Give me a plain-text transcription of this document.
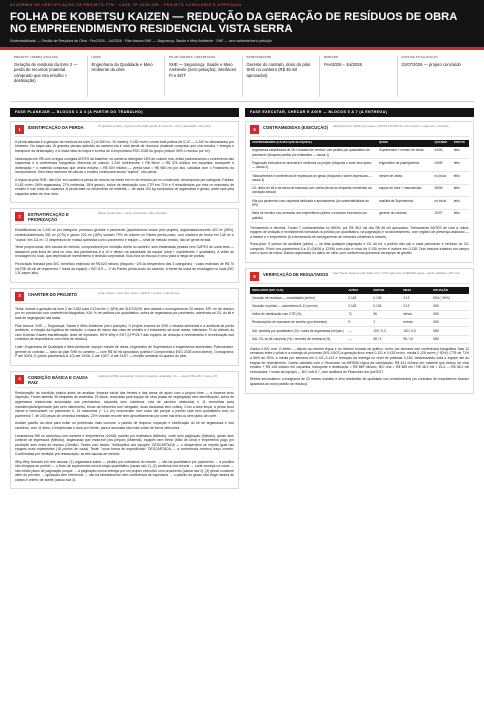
ACADEMIA DE CERTIFICAÇÃO DE PROJETO FTM · CASE TP-2025-058 · PROJETO CONCLUÍDO E APROVADO
FOLHA DE KOBETSU KAIZEN — REDUÇÃO DA GERAÇÃO DE RESÍDUOS DE OBRA NO EMPREENDIMENTO RESIDENCIAL VISTA SERRA
Sustentabilidade — Gestão de Resíduos de Obra · Fev/2026 – Jul/2026 · Pilar âncora SHE — Segurança, Saúde e Meio Ambiente · SHE — zero acidente/zero poluição
PROJETO / PERDA ATACADA
Geração de resíduos da torre 2 — perda de recursos (material comprado que vira entulho + destinação)
LÍDER
Engenharia da Qualidade e Meio Ambiente da obra
PILAR ÂNCORA / INTERFACES
SHE — Segurança, Saúde e Meio Ambiente (zero poluição); interfaces FI e EDT
PATROCINADOR
Gerente do contrato, dono do pilar SHE no canteiro (R$ 46 mil aprovados)
PERÍODO
Fev/2026 – Jul/2026
DATA DE ATUALIZAÇÃO
31/07/2026 — projeto concluído
FASE PLANEJAR — BLOCOS 1 A 4 (A PARTIR DO TRABALHO)
1	IDENTIFICAÇÃO DA PERDA	16 grandes perdas + lógica do pilar SHE (perda de recursos: m³/m², destinação, mão-obra)

A perda atacada é a geração de resíduos da torre 2 (14.500 m², 20 meses): 0,182 m³/m² contra toda prática de 0,12 — 1.240 m³ descartados por trimestre. No mapa das 16 grandes perdas aplicado ao canteiro ela é uma perda de recursos (material comprado que vira resíduo + energia e transporte da destinação), e a maior fatia do mapa e à meta do Compromisso ESG 2028 do grupo (reduzir 30% o resíduo por m²).

Valorização em R$ com a régua corrigida ANTES da baseline: os números divergiam 18% do volume real, então padronizamos o enchimento das caçambas e a conferência fotográfica. Memória de cálculo: 1.240 m³/trimestre × R$ 96/m³ ≈ R$ 476 mil/ano em caçamba, transporte e destinação + o material comprado que virava entulho ≈ R$ 500 mil/ano — perda total ≈ R$ 980 mil por ano, validada com o Financeiro da incorporadora. Sem essa memória de cálculo o entulho continuaria sendo "sujeira", não perda.

A régua do pilar SHE, não KAI: em canteiro a perda de recurso se mede em m³ de resíduo por m² construído, decomposto por categoria. Partida: 0,182 m³/m² (36% argamassa, 27% cerâmica, 18% gesso), índice de destinação com CTR em 71% e 9 reincidências por mês no manuseio de entulho e nas rotas de caçamba. A perda bate no rendimento de material — de cada 100 kg comprados de argamassa e gesso, parte saía pela caçamba antes de virar obra.

2	ESTRATIFICAÇÃO E PRIORIZAÇÃO
Pareto perda-custo + rama; priorização + BO; estimado

Estratificamos os 1.240 m³ por categoria, processo gerador e pavimento (apontamento criado pelo projeto): argamassa/concreto 422 m³ (36%), cerâmica/alvenaria 335 m³ (27%) e gesso 223 m³ (18%) somam 79% do volume no Pareto perda-custo, com madeira de forma em 148 m³ e "outros" em 111 m³. O desperdício de massa quebrava com o pavimento e equipe — sinal de método errado, não de gente errada.

Teme proporcional: três causas de método, comprováveis por medição direta no canteiro, sem estatísticas pesada nem CAPEX de outra área — atacamos pela linha de obra no ciclo dos pavimentos 8 a 10 e dentro da autoridade da equipe (obra + suprimentos + qualidade). A união de reciclagem no local, que dependia de investimento e decisão corporativa, ficou fora do escopo e virou pista a mega de pontas.

Priorização fechada pelo B/C: benefício estimado de R$ 620 mil/ano (bloqueio ~2/3 do desperdício das 3 categorias) ÷ custo estimado de R$ 70 mil (R$ 46 mil de orçamento + horas da equipe) = B/C 8,9 — 1º do Pareto perda-custo do canteiro, à frente da usina de reciclagem no local (B/C 1,8; capex alto).

3	CHARTER DO PROJETO	tema, escopo, meta, líder, prazo + KPI/IAI + equipe + pilar âncora

Tema: reduzir a geração da torre 2 de 0,182 para 0,13 m³/m² (−28%) até 31/07/2026, sem atrasar o cronograma de 20 meses. KPI: m³ de resíduo por m² construído com conferência fotográfica. KAI: % de pedidos por quantitativo, sobra de argamassa por pavimento, aderência ao CIL do kit e taxa de segregação nas baias.

Pilar âncora: SHE — Segurança, Saúde e Meio Ambiente (zero poluição). O projeto encerra do SHE o rebaixa ambiental e a auditoria de perda ambiente, a rotação da logística de medição, o mapa de riscos das rotas de entulho e o tratamento de duas metas; interfaces: FI do método do ciclo Kobetsu Kaizen estratificação, teste de hipóteses, WHY-Why e EDT (LPP/OLT das equipes de vedação e revestimento e terceirização dos contratos de empreiteiros com meta de resíduo).

Líder: Engenharia de Qualidade e Meio Ambiente; equipe: mestre de obras, engenheiro de Suprimentos e engenheiros ambientais. Patrocinador: gerente do contrato — dono do pilar SHE no canteiro — com R$ 46 mil aprovados (coleta e Compromisso ESG 2028 como diretor). Cronograma: P até 30/04, D (piloto pavimentos 8–10) até 12/06, C até 10/07, A até 31/07 — revisão semanal no quadro do pilar.

4	CONDIÇÃO BÁSICA E CAUSA RAIZ
restaurar ANTES de analisar: limpeza, inspeção, aligeirada, CIL — depois Why-Why / teste e 5F

Restauração da condição básica antes de analisar: limpeza inicial das frentes e das áreas de apoio com o próprio time — a limpeza virou inspeção. Foram abertas 36 etiquetas de anomalia: 23 azuis, resolvidas pela equipe de obra (baias de segregação sem identificação, sobra de argamassa endurecida acumulada nos pavimentos, caçamba sem cobertura, rota de carrinho obstruída) e 11 vermelhas para manutenção/engenharia (silo sem manômetro, broca da betoneira com desgaste, duas bancadas sem coifas). Com a área limpa, a perda ficou visível e mensurável: no pavimento 6, 14 masseiras (~ 1,1 m³) endureciam num único dia porque o pedido saía sem quantitativo real; no pavimento 7, de 240 peças de cerâmica medidas, 22% viravam recorte sem aproveitamento por corte mal feito ou sem plano de corte.

Análise padrão da obra para evitar os problemas mais comuns: o padrão de limpeza, inspeção e lubrificação do kit de argamassa e dos carrinhos, com 11 itens, 4 frequências e dono por frente, para a anomalia não mais voltar de forma silenciosa.

Levantamos MB no workshop com mestres e empreiteiros (10/06): padrão por estimativa (Método), corte sem paginação (Método), gesso sem controle de espessura (Método), argamassa que endurece pós-preparo (Material), equipes sem treino (Mão de obra) e empreiteiro pago por produção sem meta de resíduo (Gestão). Testes com dados: "indisciplina dos equipes" DESCARTADA — o desperdício se repetia igual nas equipes mais experientes (18 pontos de cada). Teste: "nova forma de especificado" DESCARTADA — a conferência mostrou traço correto. Confirmadas por medição pré-restauração: as três causas de método.

Why-Why fechado em três causas: (1) argamassa sobra — pedido por estimativa do mestre → não há quantitativo por pavimento → a planilha não chegava ao pedido — o fluxo de suprimentos nunca exigiu quantitativo (causa raiz 1); (2) cerâmica vira recorte → corte começa no canto → não existe plano de paginação porque → a paginação nunca entrega por um projeto executivo com orçamento (causa raiz 2); (3) gesso consome além do previsto → aplicação sem referência → não há taloneamento nem conferência de espessura → o padrão do gesso não exige mestra de cantos e critério de aceite (causa raiz 3).

FASE EXECUTAR, CHECAR E AGIR — BLOCOS 5 A 7 (A ENTREGA)
5	CONTRAMEDIDAS (EXECUÇÃO)	Ideal Execution: 5W2H por causa + LPP/OLT ANTES de virar a rotina + poka-yoke + limitante
CONTRAMEDIDA (CAUSA QUE BLOQUEIA)	QUEM	QUANDO	STATUS
Argamassa estabilizada de 36 h dosada em central, com pedido por quantitativo de pavimento (bloqueia pedido por estimativa — causa 1)	Suprimentos + mestre de obras	04/05	feito
Paginação executiva de alvenaria e cerâmica no projeto (bloqueia o corte sem plano — causa 2)	engenheiro de planejamento	04/05	feito
Talisca/mestra e conferência de espessura do gesso (bloqueia o sobre-espessura — causa 3)	mestre de obras	no início	feito
CIL diário do kit e da sema de bancada com coleta (fecha as etiquetas vermelhas da condição básica)	equipe de obra + manutenção	06/06	feito
Kits por pavimento com caçamba dedicada e apontamento (do sustentabilidade ao KPI)	analista de Suprimentos	no início	feito
Meta de resíduo nos contratos dos empreiteiros (alinha o incentivo econômico ao padrão)	gerente do contrato	10/07	feito

Treinamento e devolva. Foram 7 contramedidas no 5W2H, por R$ 38,2 mil dos R$ 46 mil aprovados. Treinamento ANTES de virar a rotina: equipes de vedação e revestimento formadas no pedido por quantitativo, na paginação e no taloneamento, com registro de presença assinado — a mestre e o empreiteiro (e a ferramenta de carregamento de métodos conferida à mestre).

Poka-yoke: 5 pontos de auditoria (piloto) — se falta qualquer paginação e CIL do kit, o pedido não sai; e cada pavimento é nenhum do CIL cumprido. Piloto nos pavimentos 8 a 10 (04/06 a 12/06) com ciclo e cinco de 0,135 m³/m² e índices em 0,138. Dois desvios tratados em campo com o dono da rotina. Dados registrados no diário de obra, com conferência quinzenal da equipe de gestão.

6	VERIFICAÇÃO DE RESULTADOS Saw Check: régua do pilar SHE m³/m², CTR, ação leve na MESMA régua + ganho validado + B/C real
INDICADOR (KPI / KAI)	ANTES	DEPOIS	META	SITUAÇÃO
Geração de resíduos — consolidado (m³/m²)	0,182	0,128	0,13	SIM (−30%)
Geração no piloto — pavimentos 8–10 (m³/m²)	0,182	0,125	0,13	SIM
Índice de destinação com CTR (%)	71	96	elevar	SIM
Reclamações de manuseio de entulho (por trimestre)	9	2	reduzir	SIM
KAI: pedidos por quantitativo (%) / sobra de argamassa (m³/pav.)	—	100 / 0,3	100 / 0,5	SIM
KAI: CIL do kit cumprido (%) / recortes de cerâmica (%)	—	98 / 9	95 / 10	SIM

Ganho e B/C real. O efeito — depois na mesma régua e no mesmo formato de gráfico: m³/m² por semana com conferência fotográfica. Nas 12 semanas entre o piloto e a entrega do processo (5/9–03/07) a geração ficou entre 0,121 e 0,133 m³/m², média 0,128 m³/m² (−30%), CTR de 71% a 96% de 28%; a média por semana em 0,121–0,122 e remoção da entrega no nível de patamar 0,182, atravessando toda a equipe até as etapas de revestimento. Ganho validado com o Financeiro na MESMA régua da valorização: R$ 441 mil/ano em material que deixou de virar entulho + R$ 148 mil/ano em caçamba, transporte e destinação = R$ 589 mil/ano, B/C real = R$ 589 mil / R$ 38,2 mil = 15,4 — R$ 38,2 mil executados + horas da equipe) — B/C real 8,7, com auditoria do Financeiro em jan/2027.

Efeitos secundários: cronograma de 20 meses mantido e zero retrabalho de qualidade nos revestimentos (os contratos de empreiteiros ficaram ajustados ao novo padrão de resíduo).
